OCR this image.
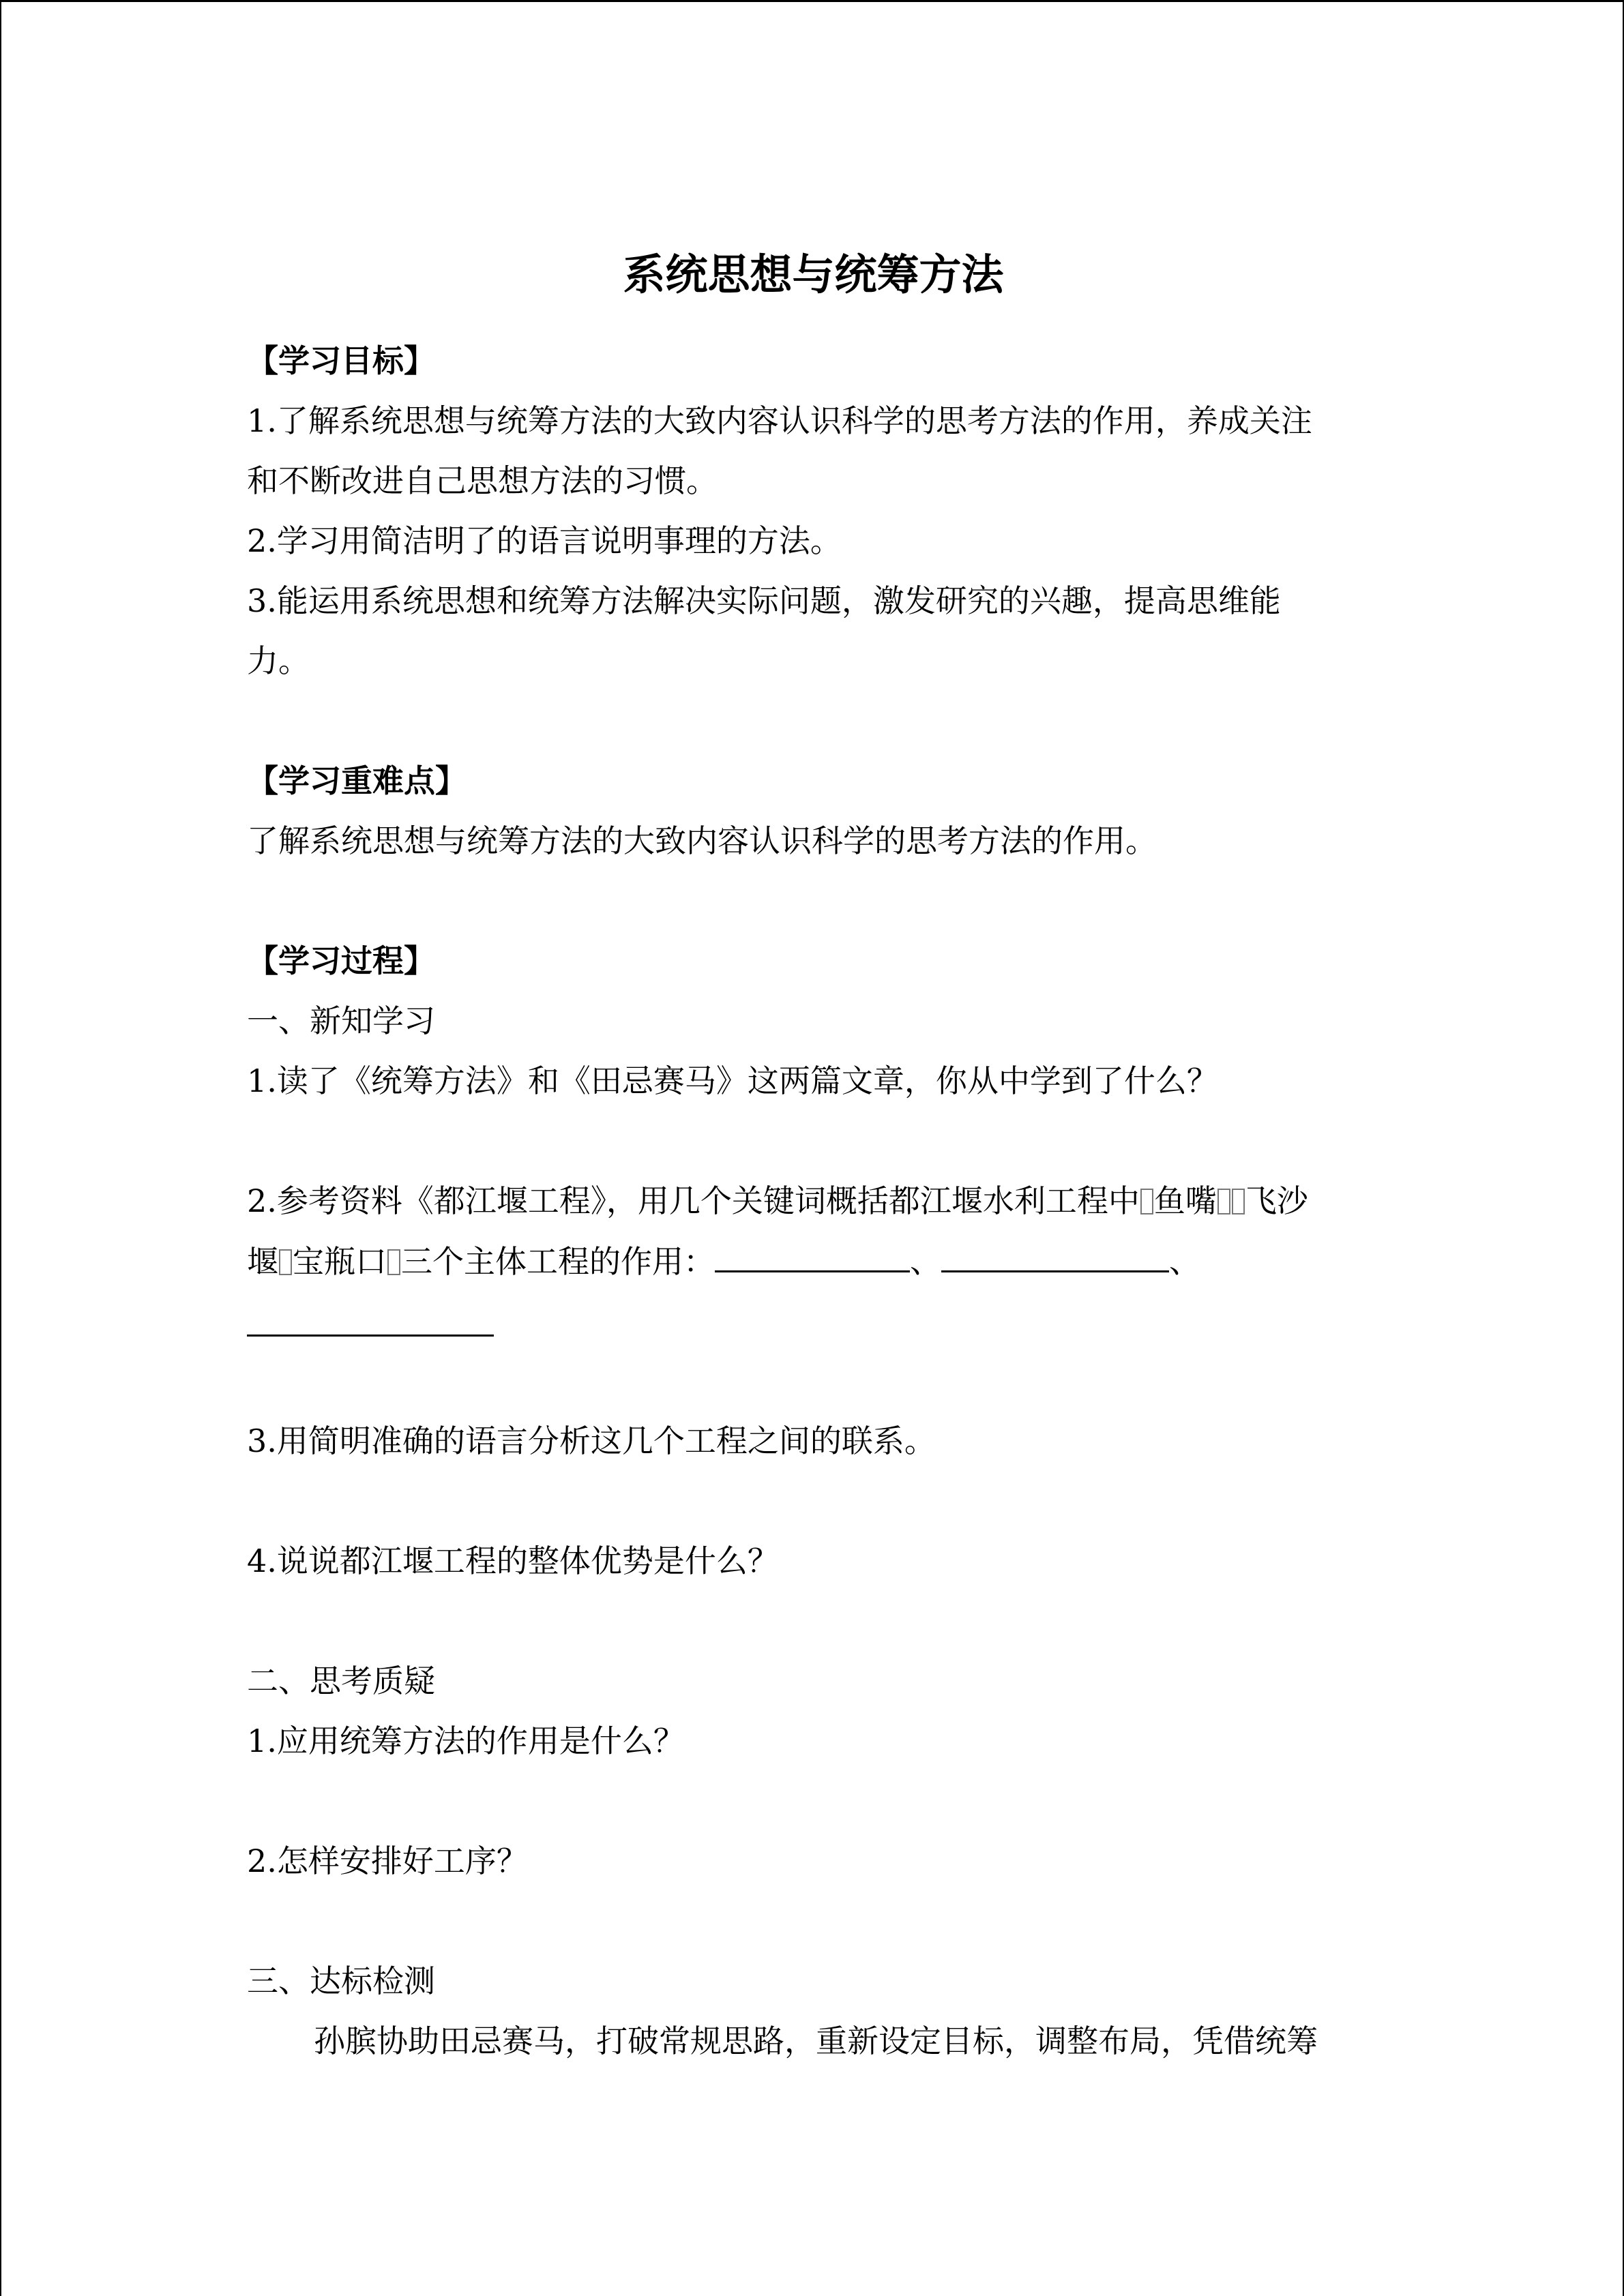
系统思想与统筹方法
【学习目标】
1.了解系统思想与统筹方法的大致内容认识科学的思考方法的作用，养成关注
和不断改进自己思想方法的习惯。
2.学习用简洁明了的语言说明事理的方法。
3.能运用系统思想和统筹方法解决实际问题，激发研究的兴趣，提高思维能
力。
【学习重难点】
了解系统思想与统筹方法的大致内容认识科学的思考方法的作用。
【学习过程】
一、新知学习
1.读了《统筹方法》和《田忌赛马》这两篇文章，你从中学到了什么？
2.参考资料《都江堰工程》，用几个关键词概括都江堰水利工程中 鱼嘴 飞沙
堰 宝瓶口 三个主体工程的作用：	、	、
3.用简明准确的语言分析这几个工程之间的联系。
4.说说都江堰工程的整体优势是什么？
二、思考质疑
1.应用统筹方法的作用是什么？
2.怎样安排好工序？
三、达标检测
孙膑协助田忌赛马，打破常规思路，重新设定目标，调整布局，凭借统筹
